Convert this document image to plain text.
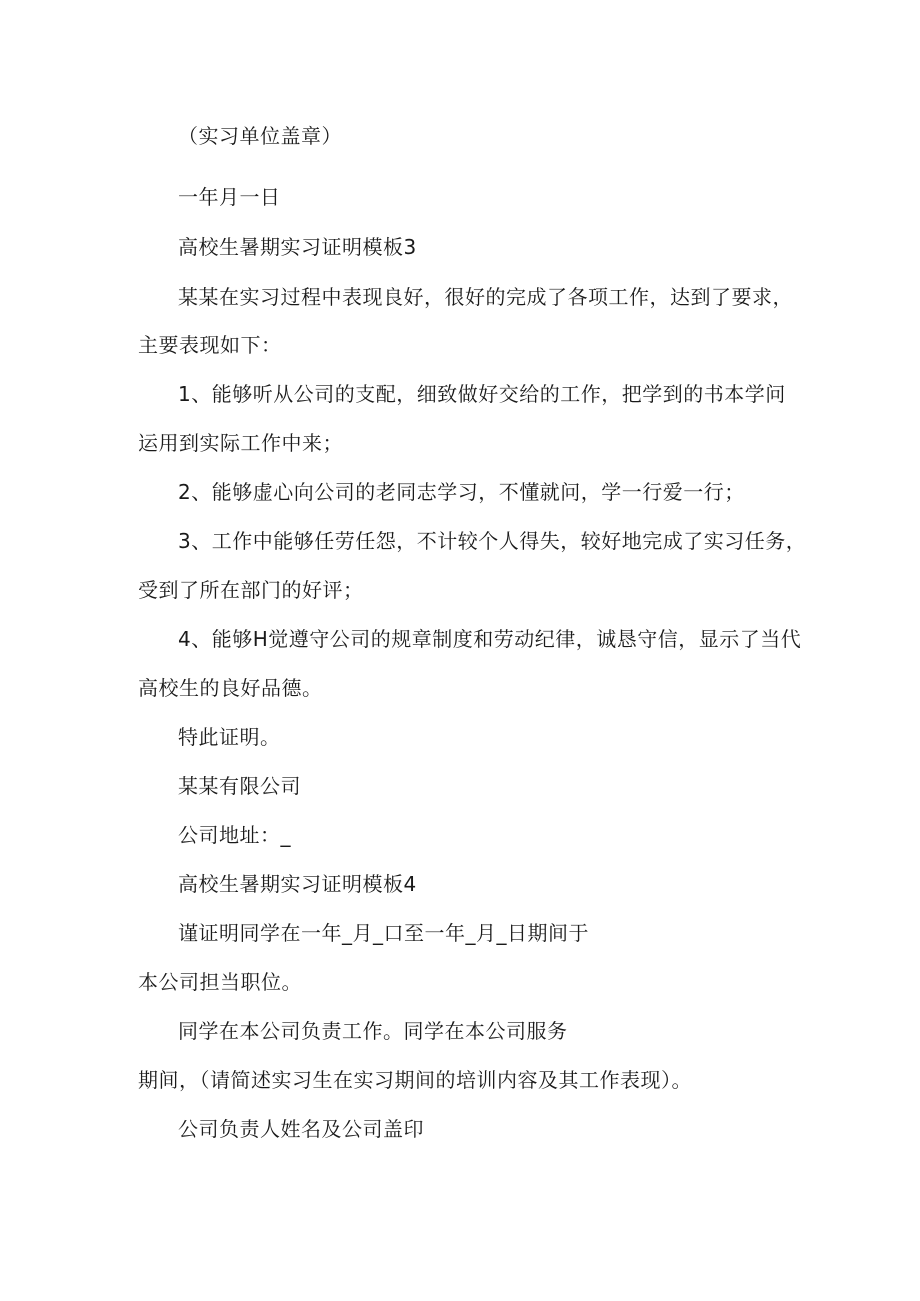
（实习单位盖章）
一年月一日
高校生暑期实习证明模板3
某某在实习过程中表现良好，很好的完成了各项工作，达到了要求，
主要表现如下：
1、能够听从公司的支配，细致做好交给的工作，把学到的书本学问
运用到实际工作中来；
2、能够虚心向公司的老同志学习，不懂就问，学一行爱一行；
3、工作中能够任劳任怨，不计较个人得失，较好地完成了实习任务，
受到了所在部门的好评；
4、能够H觉遵守公司的规章制度和劳动纪律，诚恳守信，显示了当代
高校生的良好品德。
特此证明。
某某有限公司
公司地址：_
高校生暑期实习证明模板4
谨证明同学在一年_月_口至一年_月_日期间于
本公司担当职位。
同学在本公司负责工作。同学在本公司服务
期间，（请简述实习生在实习期间的培训内容及其工作表现）。
公司负责人姓名及公司盖印
